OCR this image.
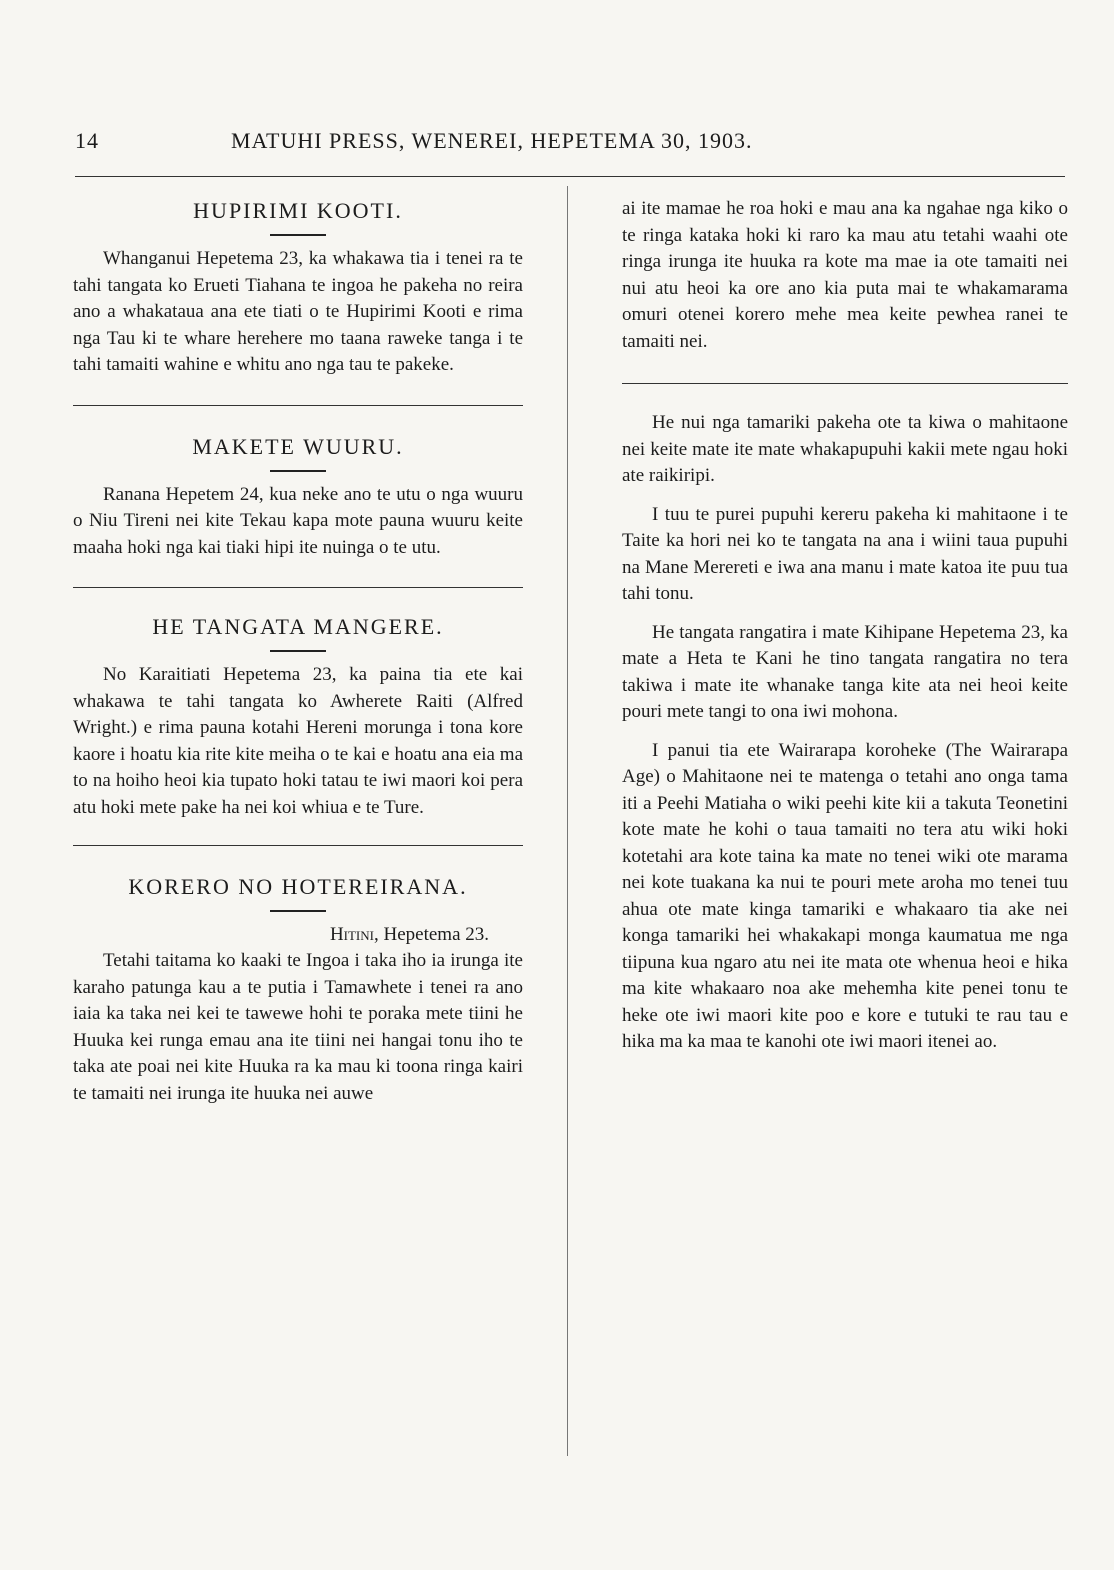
14	MATUHI PRESS, WENEREI, HEPETEMA 30, 1903.
HUPIRIMI KOOTI.

Whanganui Hepetema 23, ka whakawa tia i tenei ra te tahi tangata ko Erueti Tiahana te ingoa he pakeha no reira ano a whakataua ana ete tiati o te Hupirimi Kooti e rima nga Tau ki te whare herehere mo taana raweke tanga i te tahi tamaiti wahine e whitu ano nga tau te pakeke.

MAKETE WUURU.

Ranana Hepetem 24, kua neke ano te utu o nga wuuru o Niu Tireni nei kite Tekau kapa mote pauna wuuru keite maaha hoki nga kai tiaki hipi ite nuinga o te utu.

HE TANGATA MANGERE.

No Karaitiati Hepetema 23, ka paina tia ete kai whakawa te tahi tangata ko Awherete Raiti (Alfred Wright.) e rima pauna kotahi Hereni morunga i tona kore kaore i hoatu kia rite kite meiha o te kai e hoatu ana eia ma to na hoiho heoi kia tupato hoki tatau te iwi maori koi pera atu hoki mete pake ha nei koi whiua e te Ture.

KORERO NO HOTEREIRANA.
Hitini, Hepetema 23.

Tetahi taitama ko kaaki te Ingoa i taka iho ia irunga ite karaho patunga kau a te putia i Tamawhete i tenei ra ano iaia ka taka nei kei te tawewe hohi te poraka mete tiini he Huuka kei runga emau ana ite tiini nei hangai tonu iho te taka ate poai nei kite Huuka ra ka mau ki toona ringa kairi te tamaiti nei irunga ite huuka nei auwe

ai ite mamae he roa hoki e mau ana ka ngahae nga kiko o te ringa kataka hoki ki raro ka mau atu tetahi waahi ote ringa irunga ite huuka ra kote ma mae ia ote tamaiti nei nui atu heoi ka ore ano kia puta mai te whakamarama omuri otenei korero mehe mea keite pewhea ranei te tamaiti nei.

He nui nga tamariki pakeha ote ta kiwa o mahitaone nei keite mate ite mate whakapupuhi kakii mete ngau hoki ate raikiripi.

I tuu te purei pupuhi kereru pakeha ki mahitaone i te Taite ka hori nei ko te tangata na ana i wiini taua pupuhi na Mane Merereti e iwa ana manu i mate katoa ite puu tua tahi tonu.

He tangata rangatira i mate Kihipane Hepetema 23, ka mate a Heta te Kani he tino tangata rangatira no tera takiwa i mate ite whanake tanga kite ata nei heoi keite pouri mete tangi to ona iwi mohona.

I panui tia ete Wairarapa koroheke (The Wairarapa Age) o Mahitaone nei te matenga o tetahi ano onga tama iti a Peehi Matiaha o wiki peehi kite kii a takuta Teonetini kote mate he kohi o taua tamaiti no tera atu wiki hoki kotetahi ara kote taina ka mate no tenei wiki ote marama nei kote tuakana ka nui te pouri mete aroha mo tenei tuu ahua ote mate kinga tamariki e whakaaro tia ake nei konga tamariki hei whakakapi monga kaumatua me nga tiipuna kua ngaro atu nei ite mata ote whenua heoi e hika ma kite whakaaro noa ake mehemha kite penei tonu te heke ote iwi maori kite poo e kore e tutuki te rau tau e hika ma ka maa te kanohi ote iwi maori itenei ao.
